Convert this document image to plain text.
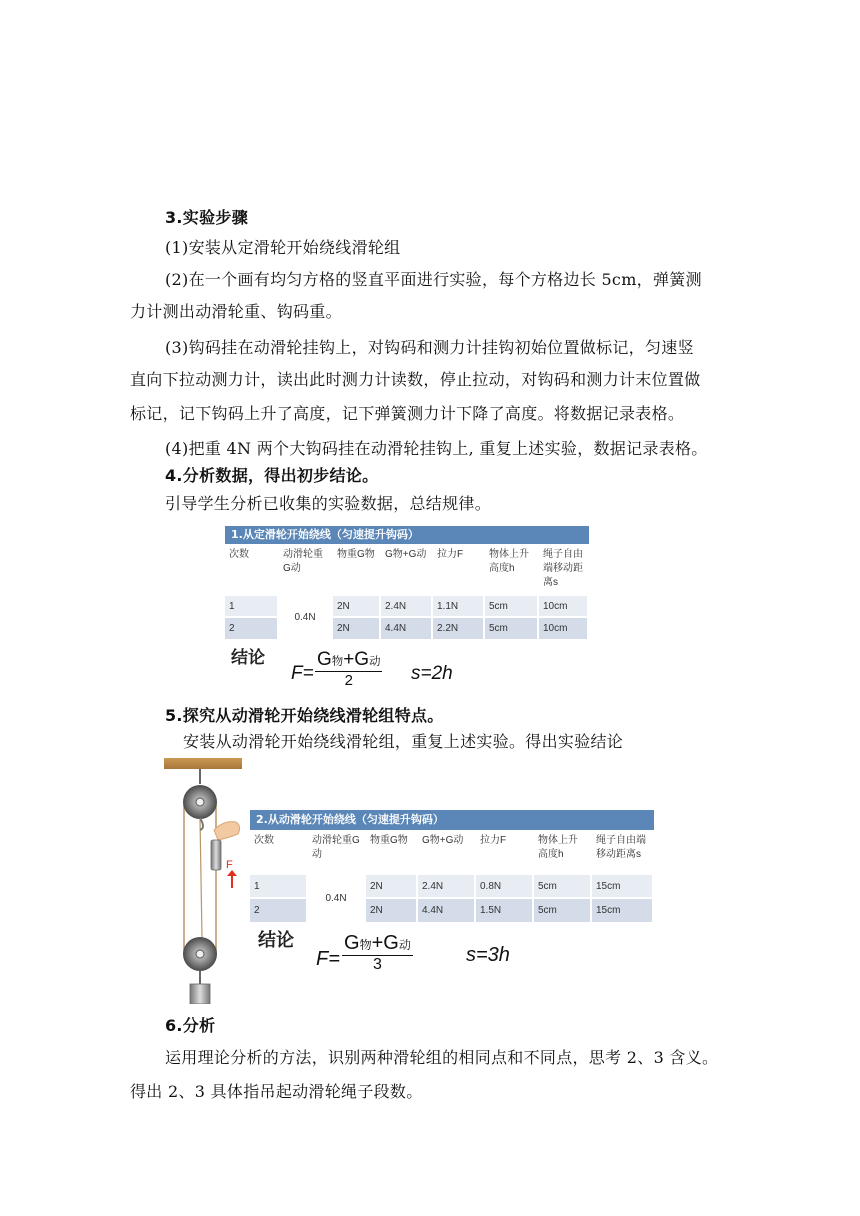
3.实验步骤
(1)安装从定滑轮开始绕线滑轮组
(2)在一个画有均匀方格的竖直平面进行实验，每个方格边长 5cm，弹簧测
力计测出动滑轮重、钩码重。
(3)钩码挂在动滑轮挂钩上，对钩码和测力计挂钩初始位置做标记，匀速竖
直向下拉动测力计，读出此时测力计读数，停止拉动，对钩码和测力计末位置做
标记，记下钩码上升了高度，记下弹簧测力计下降了高度。将数据记录表格。
(4)把重 4N 两个大钩码挂在动滑轮挂钩上, 重复上述实验，数据记录表格。
4.分析数据，得出初步结论。
引导学生分析已收集的实验数据，总结规律。
1.从定滑轮开始绕线（匀速提升钩码）
次数	动滑轮重G动	物重G物	G物+G动	拉力F	物体上升高度h	绳子自由端移动距离s
1	0.4N	2N	2.4N	1.1N	5cm	10cm
2		2N	4.4N	2.2N	5cm	10cm
结论
F=
G物+G动
2	s=2h
5.探究从动滑轮开始绕线滑轮组特点。
安装从动滑轮开始绕线滑轮组，重复上述实验。得出实验结论
F
2.从动滑轮开始绕线（匀速提升钩码）
次数	动滑轮重G动	物重G物	G物+G动	拉力F	物体上升高度h	绳子自由端移动距离s
1	0.4N	2N	2.4N	0.8N	5cm	15cm
2		2N	4.4N	1.5N	5cm	15cm
结论
F=
G物+G动
3	s=3h
6.分析
运用理论分析的方法，识别两种滑轮组的相同点和不同点，思考 2、3 含义。
得出 2、3 具体指吊起动滑轮绳子段数。
